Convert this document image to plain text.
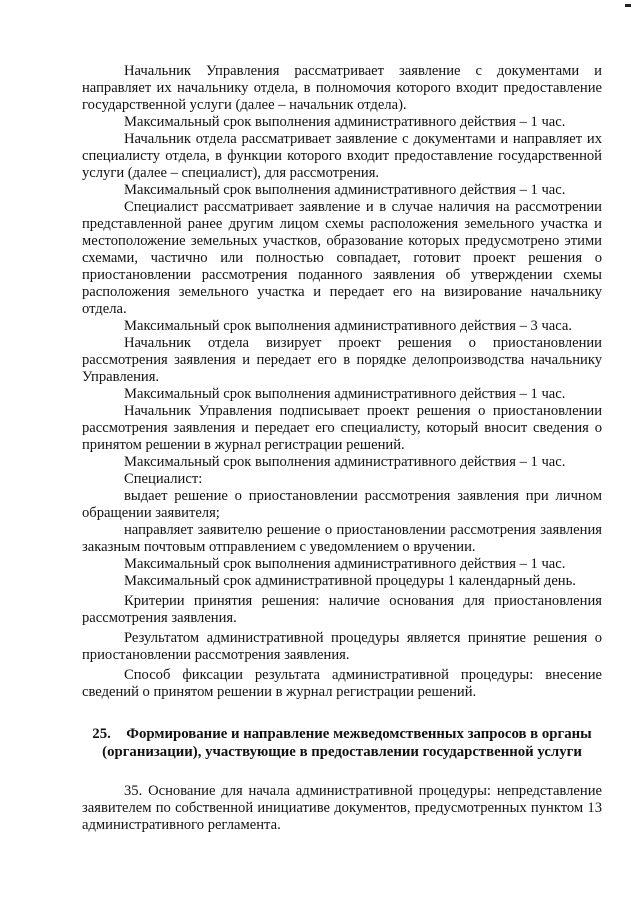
Начальник Управления рассматривает заявление с документами и направляет их начальнику отдела, в полномочия которого входит предоставление государственной услуги (далее – начальник отдела).

Максимальный срок выполнения административного действия – 1 час.

Начальник отдела рассматривает заявление с документами и направляет их специалисту отдела, в функции которого входит предоставление государственной услуги (далее – специалист), для рассмотрения.

Максимальный срок выполнения административного действия – 1 час.

Специалист рассматривает заявление и в случае наличия на рассмотрении представленной ранее другим лицом схемы расположения земельного участка и местоположение земельных участков, образование которых предусмотрено этими схемами, частично или полностью совпадает, готовит проект решения о приостановлении рассмотрения поданного заявления об утверждении схемы расположения земельного участка и передает его на визирование начальнику отдела.

Максимальный срок выполнения административного действия – 3 часа.

Начальник отдела визирует проект решения о приостановлении рассмотрения заявления и передает его в порядке делопроизводства начальнику Управления.

Максимальный срок выполнения административного действия – 1 час.

Начальник Управления подписывает проект решения о приостановлении рассмотрения заявления и передает его специалисту, который вносит сведения о принятом решении в журнал регистрации решений.

Максимальный срок выполнения административного действия – 1 час.

Специалист:

выдает решение о приостановлении рассмотрения заявления при личном обращении заявителя;

направляет заявителю решение о приостановлении рассмотрения заявления заказным почтовым отправлением с уведомлением о вручении.

Максимальный срок выполнения административного действия – 1 час.

Максимальный срок административной процедуры 1 календарный день.

Критерии принятия решения: наличие основания для приостановления рассмотрения заявления.

Результатом административной процедуры является принятие решения о приостановлении рассмотрения заявления.

Способ фиксации результата административной процедуры: внесение сведений о принятом решении в журнал регистрации решений.

25. Формирование и направление межведомственных запросов в органы (организации), участвующие в предоставлении государственной услуги

35. Основание для начала административной процедуры: непредставление заявителем по собственной инициативе документов, предусмотренных пунктом 13 административного регламента.
